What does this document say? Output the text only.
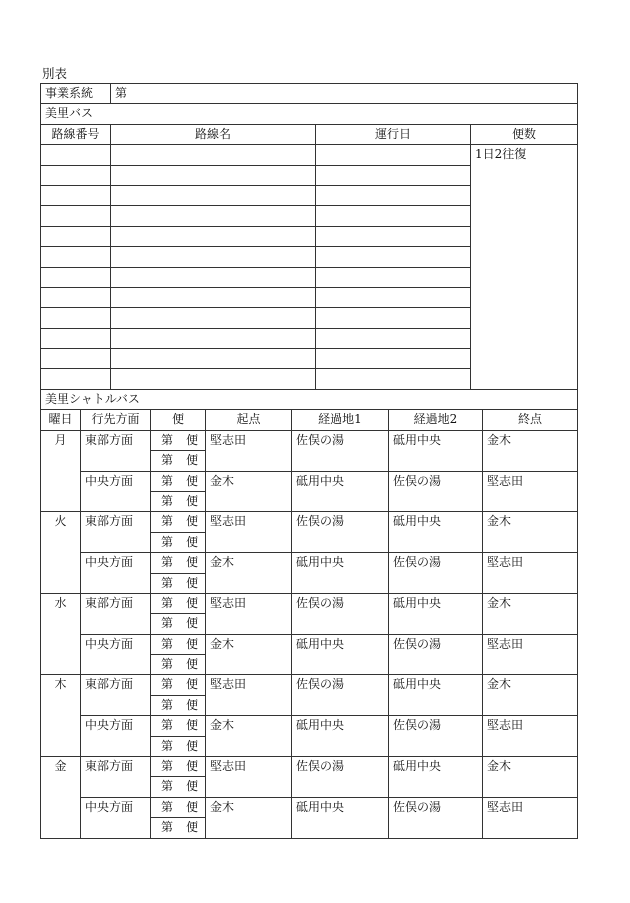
別表
事業系統	第		
美里バス			
路線番号	路線名	運行日	便数
			1日2往復

美里シャトルバス						
曜日	行先方面	便	起点	経過地1	経過地2	終点
月	東部方面	第便	堅志田	佐俣の湯	砥用中央	金木
		第便				
	中央方面	第便	金木	砥用中央	佐俣の湯	堅志田
		第便				
火	東部方面	第便	堅志田	佐俣の湯	砥用中央	金木
		第便				
	中央方面	第便	金木	砥用中央	佐俣の湯	堅志田
		第便				
水	東部方面	第便	堅志田	佐俣の湯	砥用中央	金木
		第便				
	中央方面	第便	金木	砥用中央	佐俣の湯	堅志田
		第便				
木	東部方面	第便	堅志田	佐俣の湯	砥用中央	金木
		第便				
	中央方面	第便	金木	砥用中央	佐俣の湯	堅志田
		第便				
金	東部方面	第便	堅志田	佐俣の湯	砥用中央	金木
		第便				
	中央方面	第便	金木	砥用中央	佐俣の湯	堅志田
		第便				
